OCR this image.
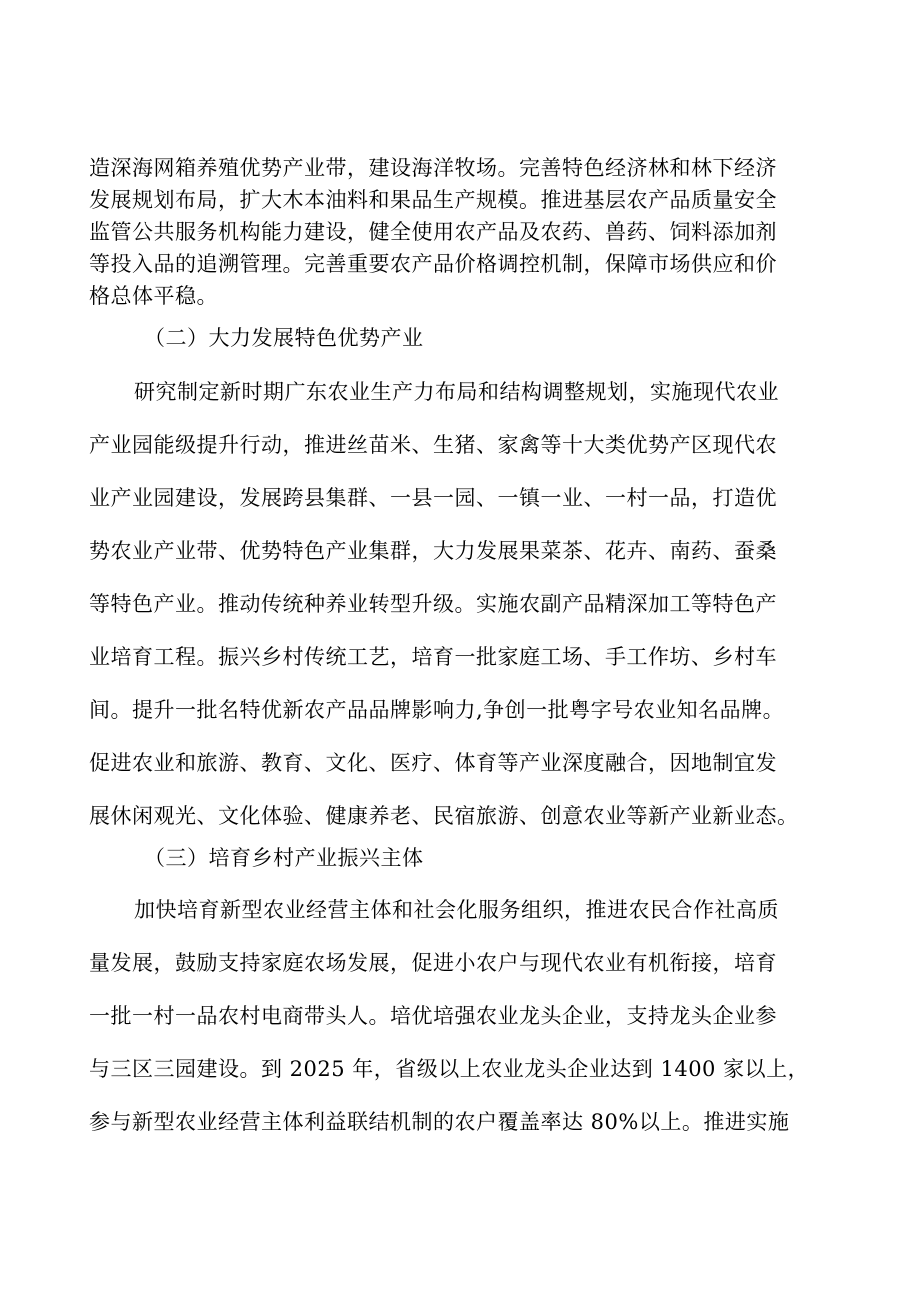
造深海网箱养殖优势产业带，建设海洋牧场。完善特色经济林和林下经济
发展规划布局，扩大木本油料和果品生产规模。推进基层农产品质量安全
监管公共服务机构能力建设，健全使用农产品及农药、兽药、饲料添加剂
等投入品的追溯管理。完善重要农产品价格调控机制，保障市场供应和价
格总体平稳。
（二）大力发展特色优势产业
研究制定新时期广东农业生产力布局和结构调整规划，实施现代农业
产业园能级提升行动，推进丝苗米、生猪、家禽等十大类优势产区现代农
业产业园建设，发展跨县集群、一县一园、一镇一业、一村一品，打造优
势农业产业带、优势特色产业集群，大力发展果菜茶、花卉、南药、蚕桑
等特色产业。推动传统种养业转型升级。实施农副产品精深加工等特色产
业培育工程。振兴乡村传统工艺，培育一批家庭工场、手工作坊、乡村车
间。提升一批名特优新农产品品牌影响力,争创一批粤字号农业知名品牌。
促进农业和旅游、教育、文化、医疗、体育等产业深度融合，因地制宜发
展休闲观光、文化体验、健康养老、民宿旅游、创意农业等新产业新业态。
（三）培育乡村产业振兴主体
加快培育新型农业经营主体和社会化服务组织，推进农民合作社高质
量发展，鼓励支持家庭农场发展，促进小农户与现代农业有机衔接，培育
一批一村一品农村电商带头人。培优培强农业龙头企业，支持龙头企业参
与三区三园建设。到 2025 年，省级以上农业龙头企业达到 1400 家以上，
参与新型农业经营主体利益联结机制的农户覆盖率达 80%以上。推进实施
